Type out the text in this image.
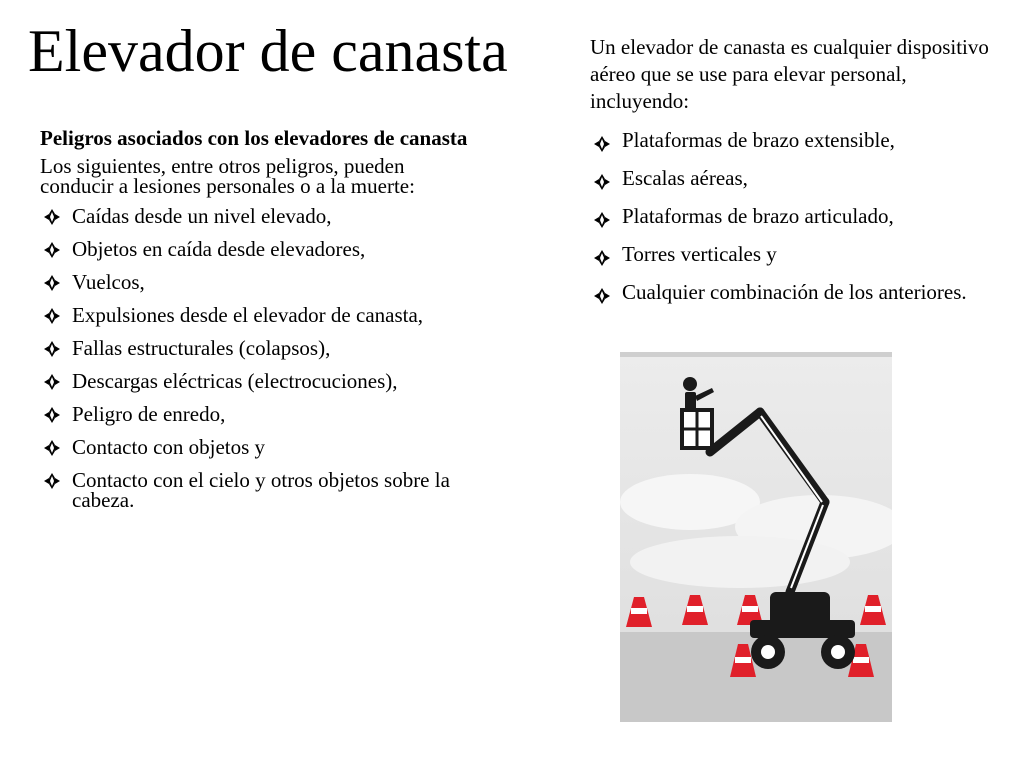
Elevador de canasta

Peligros asociados con los elevadores de canasta

Los siguientes, entre otros peligros, pueden conducir a lesiones personales o a la muerte:

Caídas desde un nivel elevado,
Objetos en caída desde elevadores,
Vuelcos,
Expulsiones desde el elevador de canasta,
Fallas estructurales (colapsos),
Descargas eléctricas (electrocuciones),
Peligro de enredo,
Contacto con objetos y
Contacto con el cielo y otros objetos sobre la cabeza.

Un elevador de canasta es cualquier dispositivo aéreo que se use para elevar personal, incluyendo:

Plataformas de brazo extensible,
Escalas aéreas,
Plataformas de brazo articulado,
Torres verticales y
Cualquier combinación de los anteriores.
